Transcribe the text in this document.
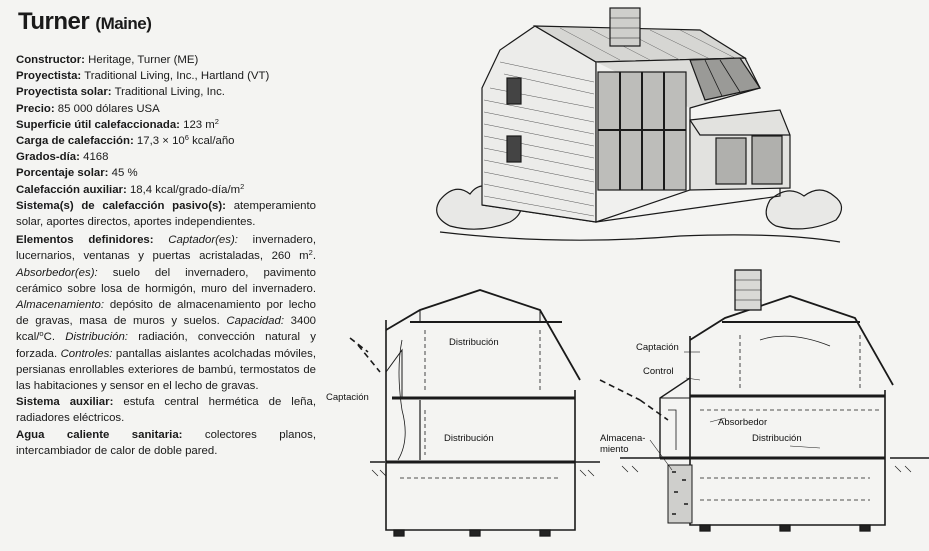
Turner (Maine)

Constructor: Heritage, Turner (ME)

Proyectista: Traditional Living, Inc., Hartland (VT)

Proyectista solar: Traditional Living, Inc.

Precio: 85 000 dólares USA

Superficie útil calefaccionada: 123 $m^2$

Carga de calefacción: $17,3 \times 10^6$ kcal/año

Grados-día: 4168

Porcentaje solar: 45 %

Calefacción auxiliar: 18,4 kcal/$grado-día/m^2$

Sistema(s) de calefacción pasivo(s): atemperamiento solar, aportes directos, aportes independientes.

Elementos definidores: Captador(es): invernadero, lucernarios, ventanas y puertas acristaladas, 260 $m^2$. Absorbedor(es): suelo del invernadero, pavimento cerámico sobre losa de hormigón, muro del invernadero. Almacenamiento: depósito de almacenamiento por lecho de gravas, masa de muros y suelos. Capacidad: 3400 kcal/$^o$C. Distribución: radiación, convección natural y forzada. Controles: pantallas aislantes acolchadas móviles, persianas enrollables exteriores de bambú, termostatos de las habitaciones y sensor en el lecho de gravas.

Sistema auxiliar: estufa central hermética de leña, radiadores eléctricos.

Agua caliente sanitaria: colectores planos, intercambiador de calor de doble pared.

Distribución
Captación
Distribución
Captación
Control
Absorbedor
Almacena-
miento
Distribución
